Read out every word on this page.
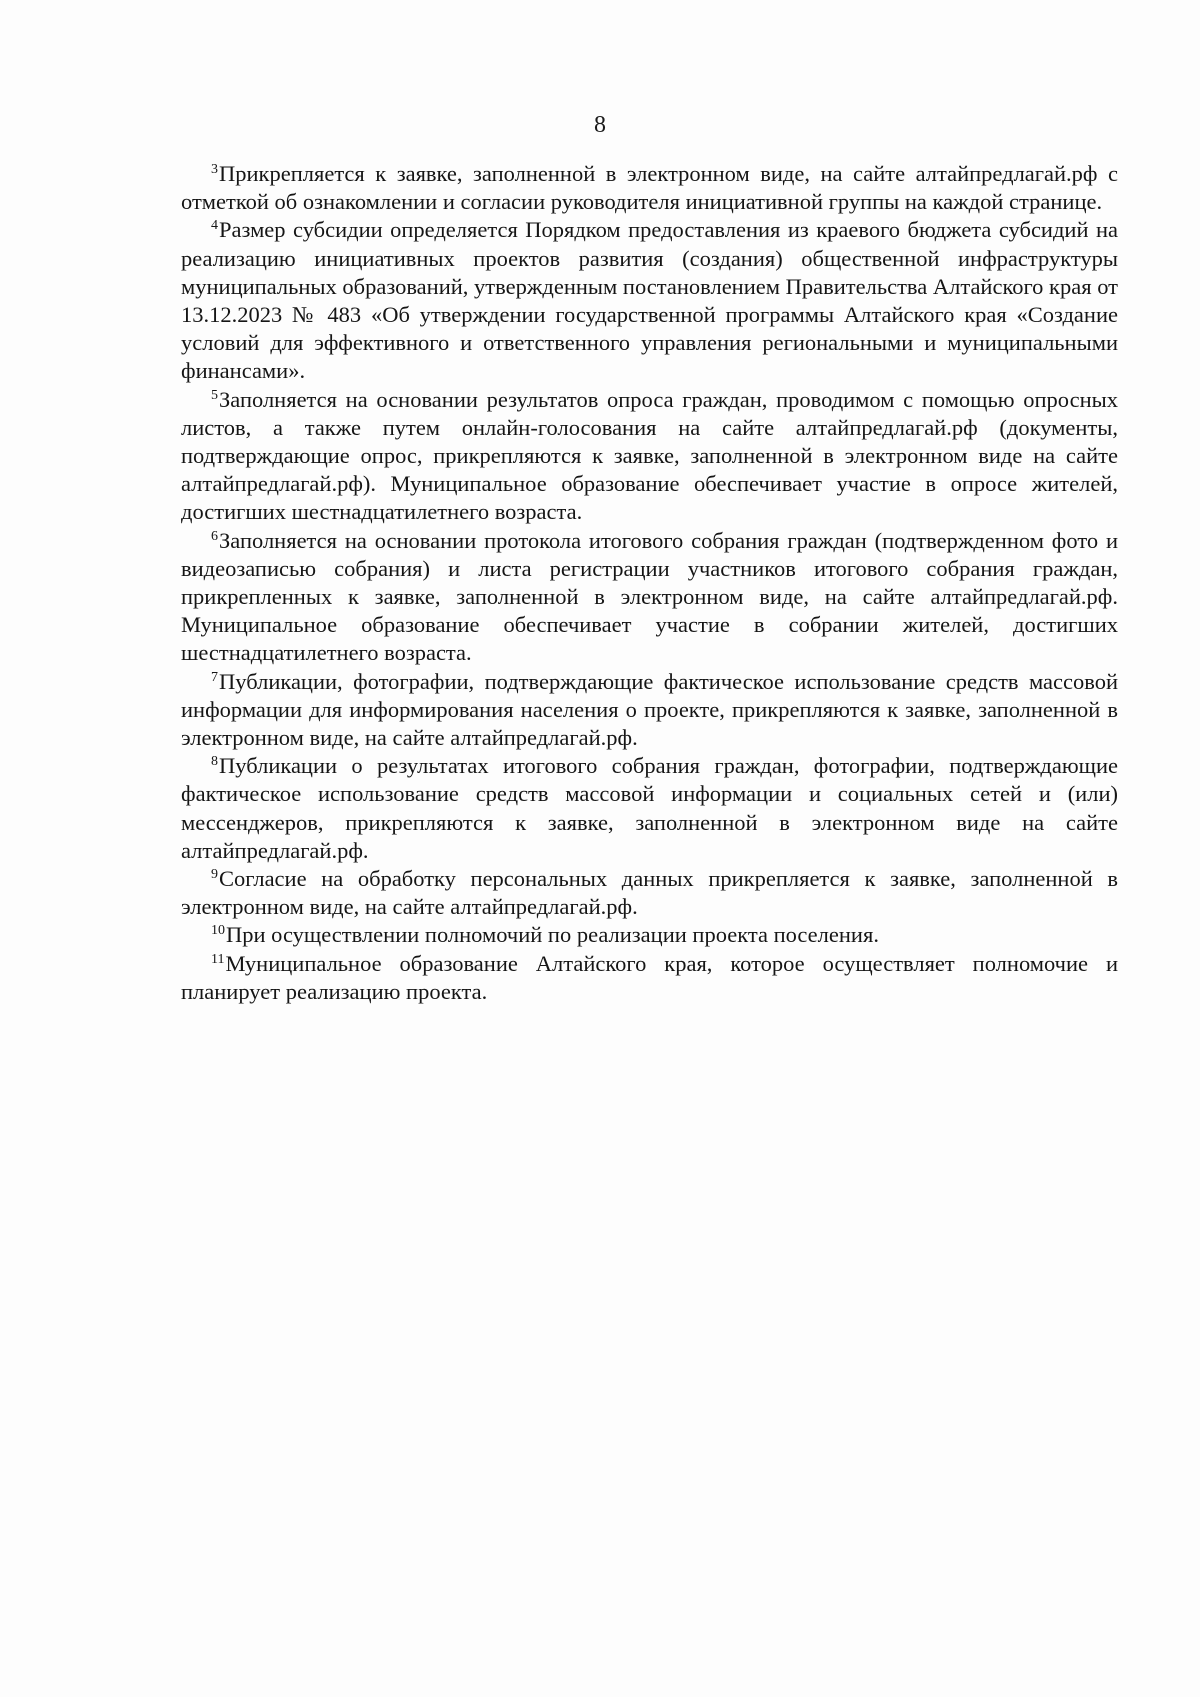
8

$^3$Прикрепляется к заявке, заполненной в электронном виде, на сайте алтайпредлагай.рф с отметкой об ознакомлении и согласии руководителя инициативной группы на каждой странице.

$^4$Размер субсидии определяется Порядком предоставления из краевого бюджета субсидий на реализацию инициативных проектов развития (создания) общественной инфраструктуры муниципальных образований, утвержденным постановлением Правительства Алтайского края от 13.12.2023 № 483 «Об утверждении государственной программы Алтайского края «Создание условий для эффективного и ответственного управления региональными и муниципальными финансами».

$^5$Заполняется на основании результатов опроса граждан, проводимом с помощью опросных листов, а также путем онлайн-голосования на сайте алтайпредлагай.рф (документы, подтверждающие опрос, прикрепляются к заявке, заполненной в электронном виде на сайте алтайпредлагай.рф). Муниципальное образование обеспечивает участие в опросе жителей, достигших шестнадцатилетнего возраста.

$^6$Заполняется на основании протокола итогового собрания граждан (подтвержденном фото и видеозаписью собрания) и листа регистрации участников итогового собрания граждан, прикрепленных к заявке, заполненной в электронном виде, на сайте алтайпредлагай.рф. Муниципальное образование обеспечивает участие в собрании жителей, достигших шестнадцатилетнего возраста.

$^7$Публикации, фотографии, подтверждающие фактическое использование средств массовой информации для информирования населения о проекте, прикрепляются к заявке, заполненной в электронном виде, на сайте алтайпредлагай.рф.

$^8$Публикации о результатах итогового собрания граждан, фотографии, подтверждающие фактическое использование средств массовой информации и социальных сетей и (или) мессенджеров, прикрепляются к заявке, заполненной в электронном виде на сайте алтайпредлагай.рф.

$^9$Согласие на обработку персональных данных прикрепляется к заявке, заполненной в электронном виде, на сайте алтайпредлагай.рф.

$^{10}$При осуществлении полномочий по реализации проекта поселения.

$^{11}$Муниципальное образование Алтайского края, которое осуществляет полномочие и планирует реализацию проекта.
